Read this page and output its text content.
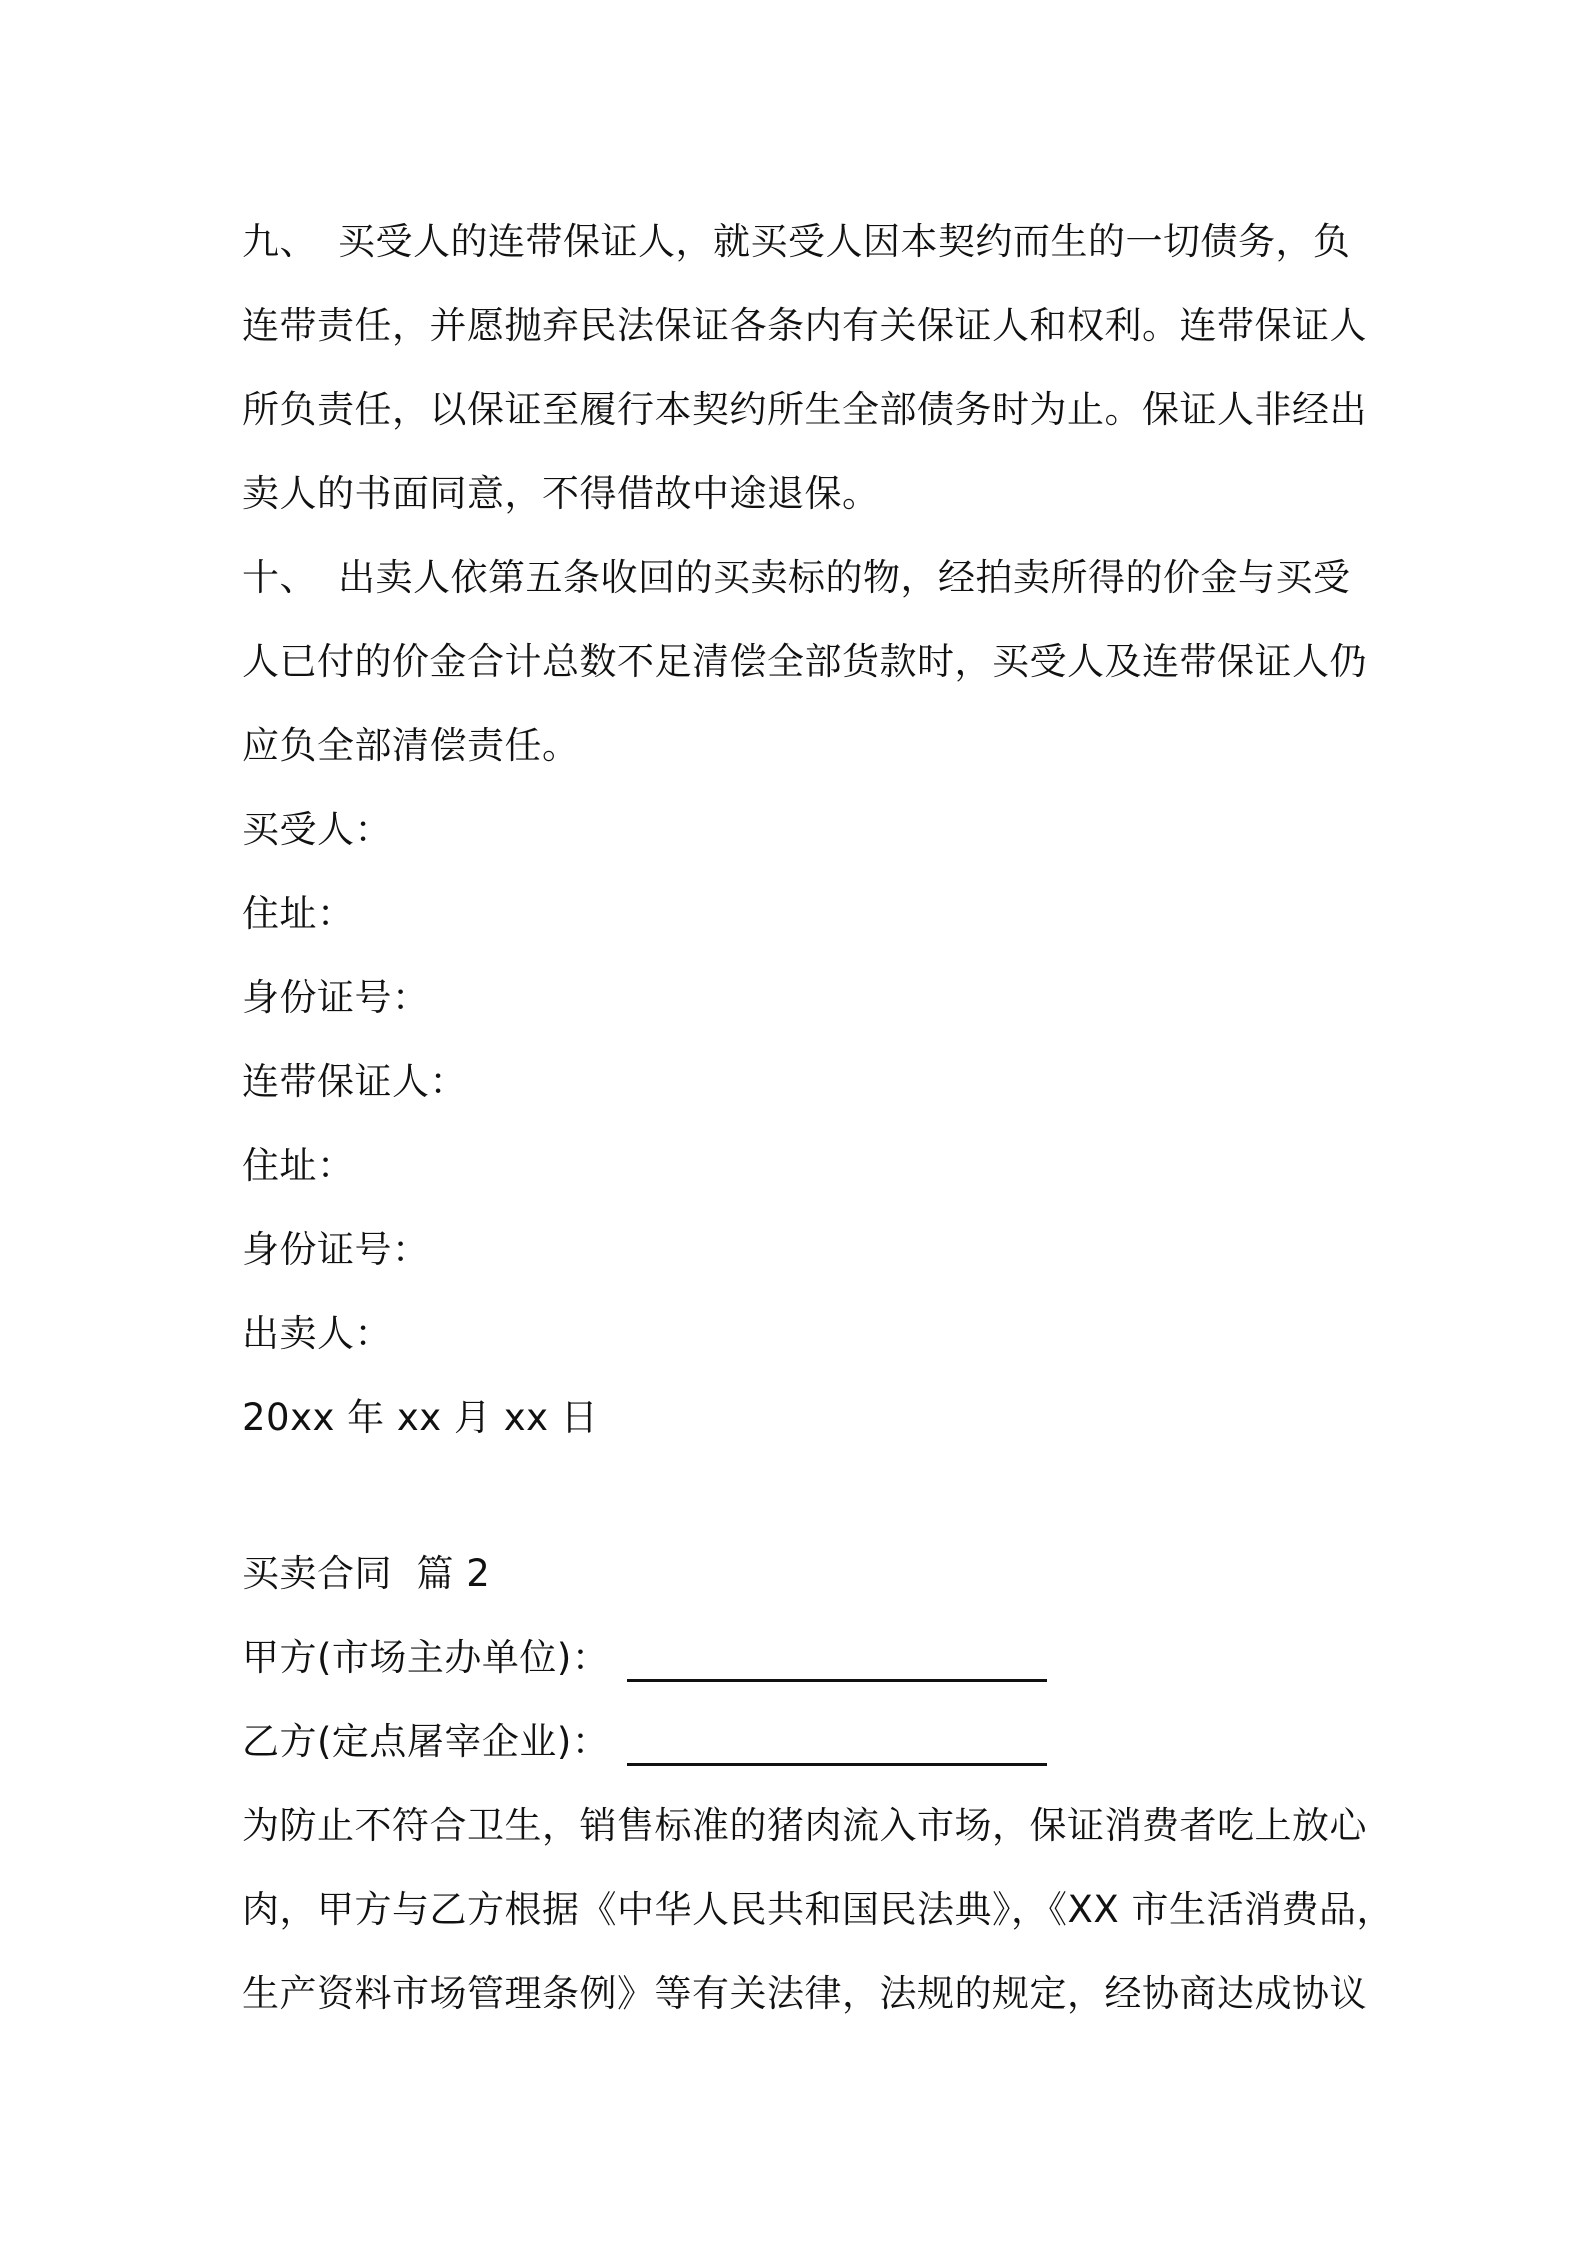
九、 买受人的连带保证人，就买受人因本契约而生的一切债务，负
连带责任，并愿抛弃民法保证各条内有关保证人和权利。连带保证人
所负责任，以保证至履行本契约所生全部债务时为止。保证人非经出
卖人的书面同意，不得借故中途退保。
十、 出卖人依第五条收回的买卖标的物，经拍卖所得的价金与买受
人已付的价金合计总数不足清偿全部货款时，买受人及连带保证人仍
应负全部清偿责任。
买受人：
住址：
身份证号：
连带保证人：
住址：
身份证号：
出卖人：
20xx 年 xx 月 xx 日
买卖合同  篇 2
甲方(市场主办单位)：
乙方(定点屠宰企业)：
为防止不符合卫生，销售标准的猪肉流入市场，保证消费者吃上放心
肉，甲方与乙方根据《中华人民共和国民法典》，《XX 市生活消费品，
生产资料市场管理条例》等有关法律，法规的规定，经协商达成协议
